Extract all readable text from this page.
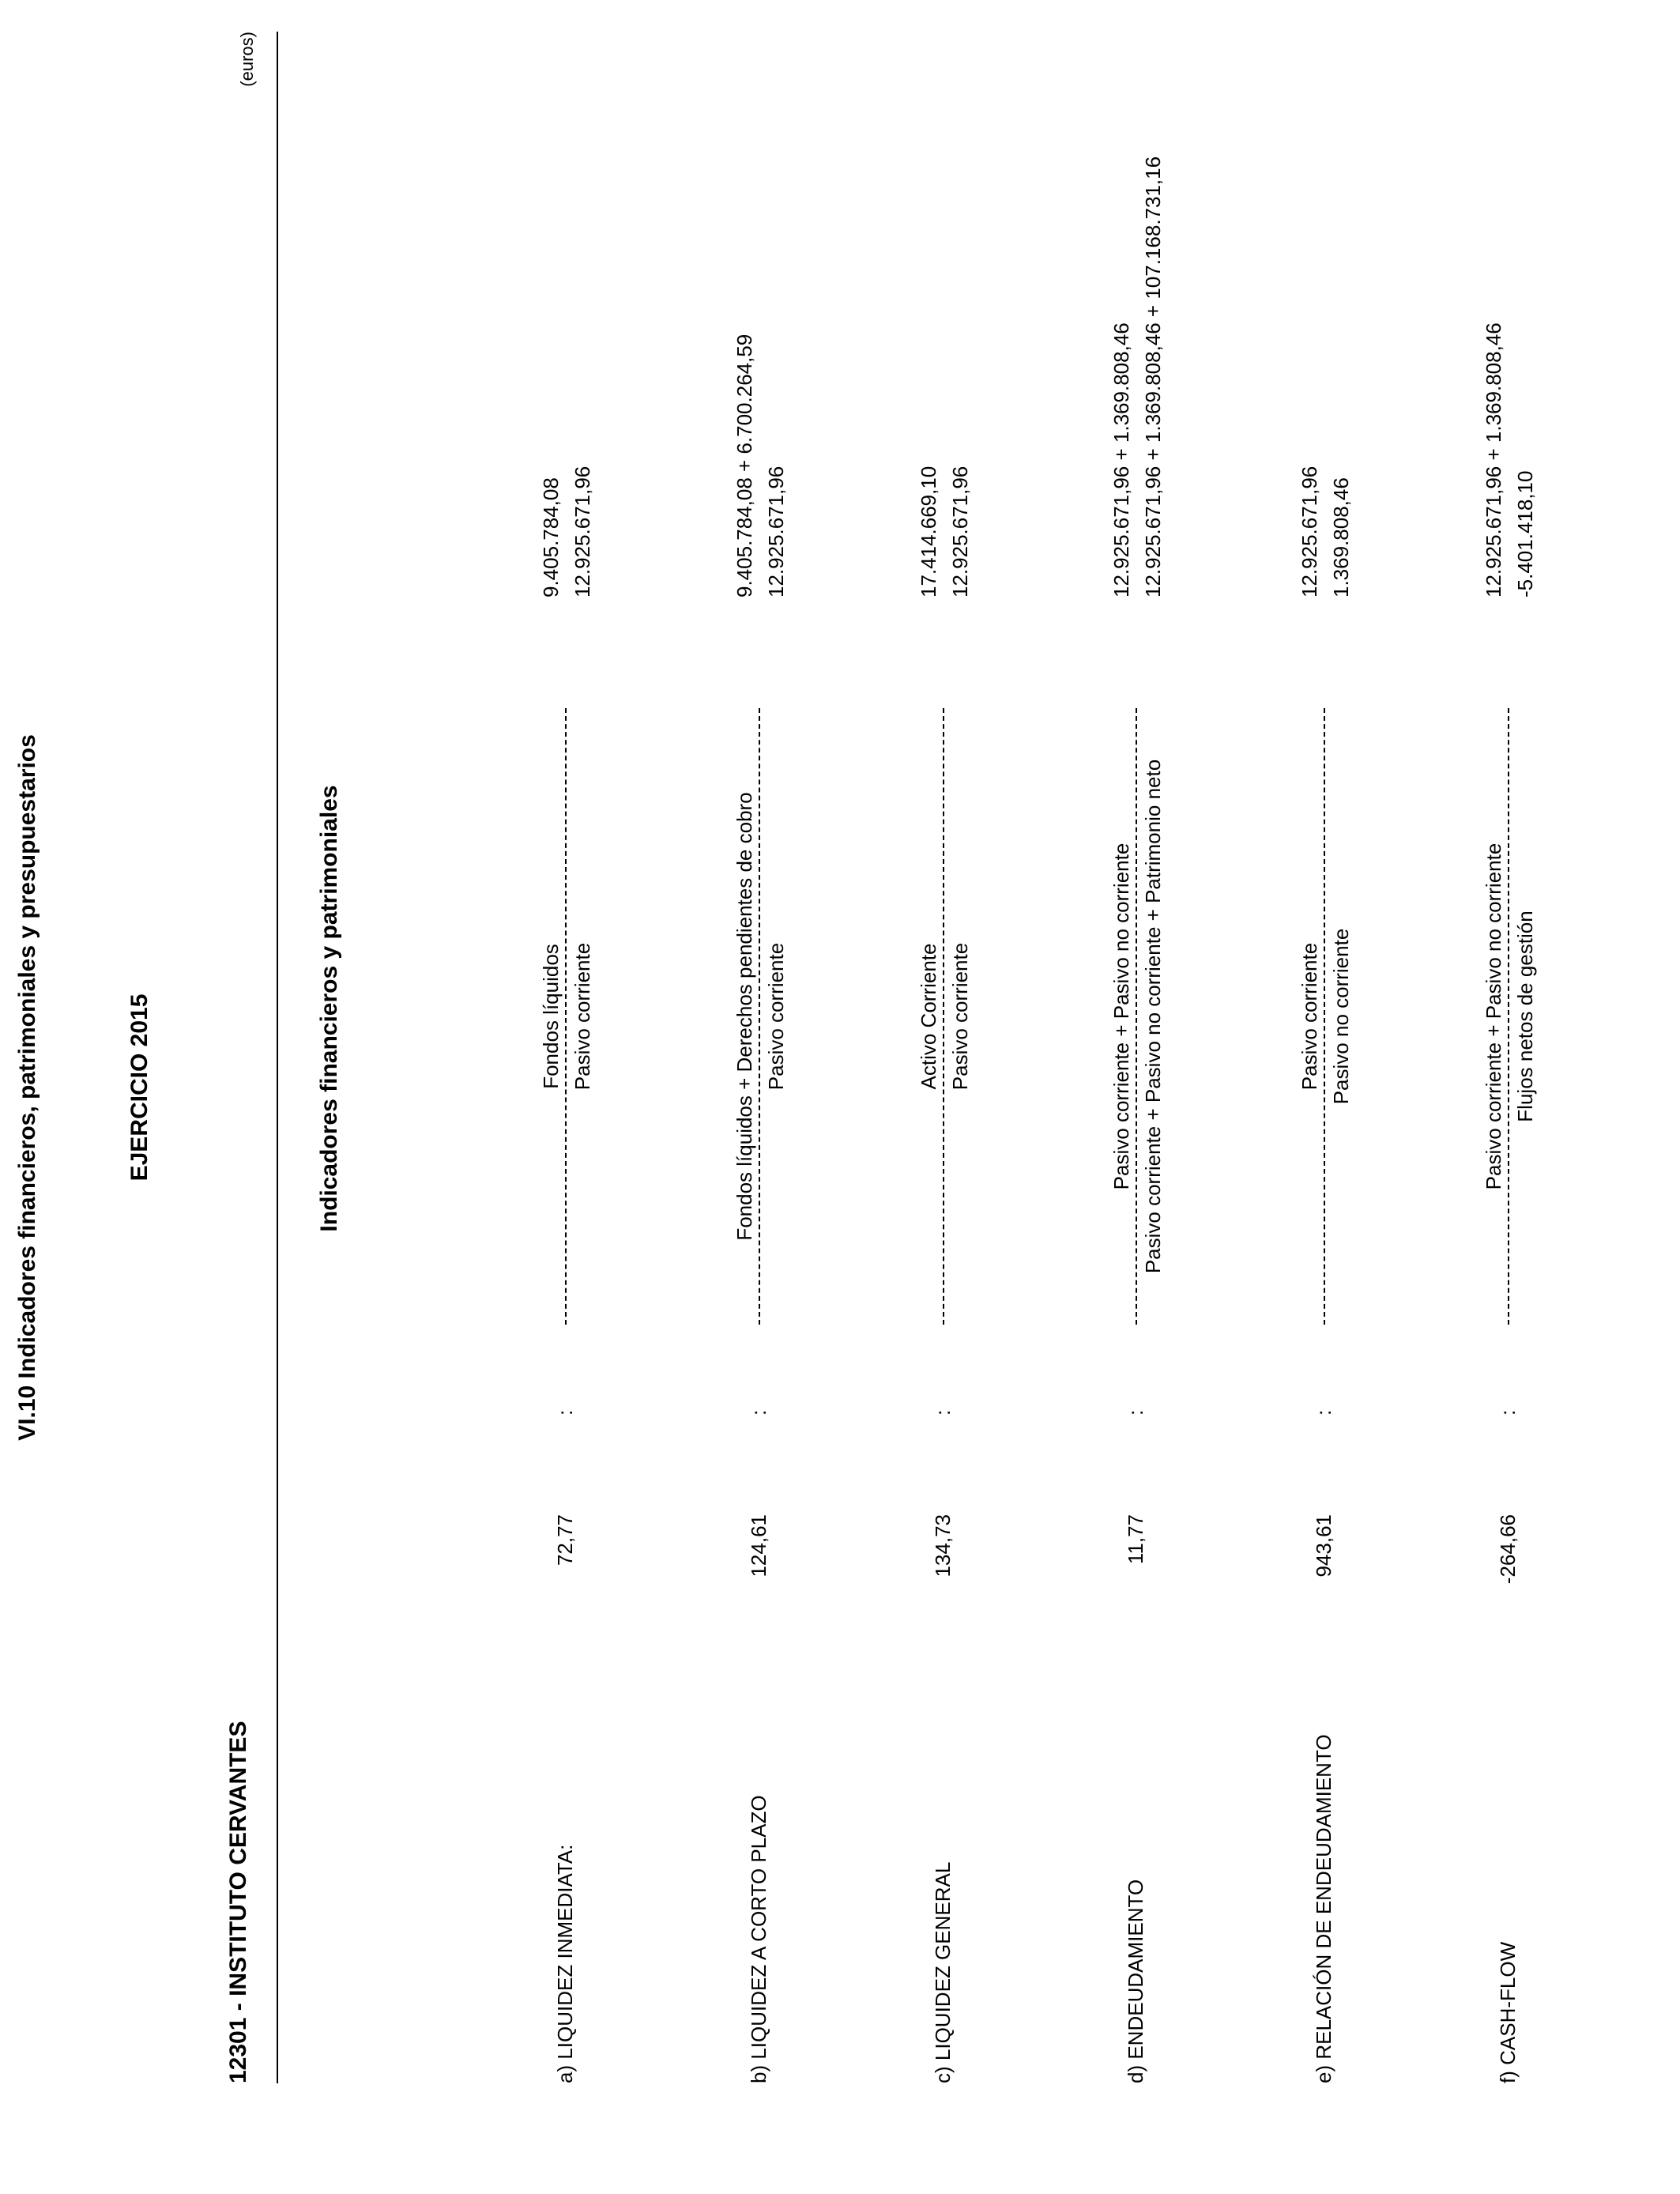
VI.10 Indicadores financieros, patrimoniales y presupuestarios	EJERCICIO 2015
12301 - INSTITUTO CERVANTES
(euros)
Indicadores financieros y patrimoniales
a) LIQUIDEZ INMEDIATA:
72,77
:
Fondos líquidos Pasivo corriente
9.405.784,08 12.925.671,96
b) LIQUIDEZ A CORTO PLAZO
124,61
:
Fondos líquidos + Derechos pendientes de cobro Pasivo corriente
9.405.784,08 + 6.700.264,59 12.925.671,96
c) LIQUIDEZ GENERAL
134,73
:
Activo Corriente Pasivo corriente
17.414.669,10 12.925.671,96
d) ENDEUDAMIENTO
11,77
:
Pasivo corriente + Pasivo no corriente Pasivo corriente + Pasivo no corriente + Patrimonio neto
12.925.671,96 + 1.369.808,46 12.925.671,96 + 1.369.808,46 + 107.168.731,16
e) RELACIÓN DE ENDEUDAMIENTO
943,61
:
Pasivo corriente Pasivo no corriente
12.925.671,96 1.369.808,46
f) CASH-FLOW
-264,66
:
Pasivo corriente + Pasivo no corriente Flujos netos de gestión
12.925.671,96 + 1.369.808,46 -5.401.418,10
